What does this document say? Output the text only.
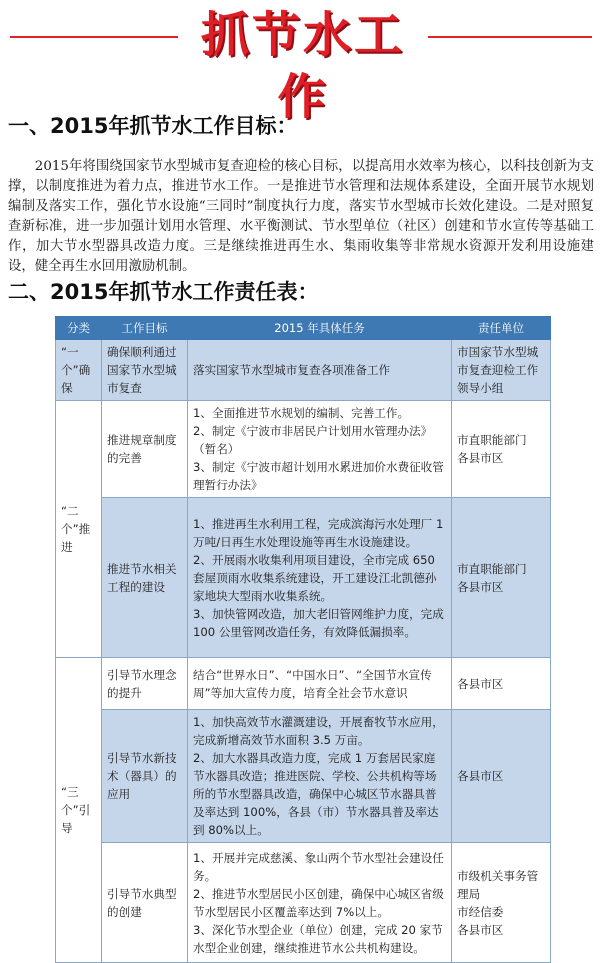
抓节水工作
一、2015年抓节水工作目标：

2015年将围绕国家节水型城市复查迎检的核心目标，以提高用水效率为核心，以科技创新为支撑，以制度推进为着力点，推进节水工作。一是推进节水管理和法规体系建设，全面开展节水规划编制及落实工作，强化节水设施“三同时”制度执行力度，落实节水型城市长效化建设。二是对照复查新标准，进一步加强计划用水管理、水平衡测试、节水型单位（社区）创建和节水宣传等基础工作，加大节水型器具改造力度。三是继续推进再生水、集雨收集等非常规水资源开发利用设施建设，健全再生水回用激励机制。

二、2015年抓节水工作责任表：
分类	工作目标	2015 年具体任务	责任单位
“一个”确保	确保顺利通过国家节水型城市复查	落实国家节水型城市复查各项准备工作	市国家节水型城市复查迎检工作领导小组

“二个”推进	推进规章制度的完善	1、全面推进节水规划的编制、完善工作。
2、制定《宁波市非居民户计划用水管理办法》（暂名）
3、制定《宁波市超计划用水累进加价水费征收管理暂行办法》	市直职能部门
各县市区

	推进节水相关工程的建设	1、推进再生水利用工程，完成滨海污水处理厂 1 万吨/日再生水处理设施等再生水设施建设。
2、开展雨水收集利用项目建设，全市完成 650 套屋顶雨水收集系统建设，开工建设江北凯德孙家地块大型雨水收集系统。
3、加快管网改造，加大老旧管网维护力度，完成 100 公里管网改造任务，有效降低漏损率。	市直职能部门
各县市区

“三个”引导	引导节水理念的提升	结合“世界水日”、“中国水日”、“全国节水宣传周”等加大宣传力度，培育全社会节水意识	各县市区

	引导节水新技术（器具）的应用	1、加快高效节水灌溉建设，开展畜牧节水应用，完成新增高效节水面积 3.5 万亩。
2、加大水器具改造力度，完成 1 万套居民家庭节水器具改造；推进医院、学校、公共机构等场所的节水型器具改造，确保中心城区节水器具普及率达到 100%，各县（市）节水器具普及率达到 80%以上。	各县市区

	引导节水典型的创建	1、开展并完成慈溪、象山两个节水型社会建设任务。
2、推进节水型居民小区创建，确保中心城区省级节水型居民小区覆盖率达到 7%以上。
3、深化节水型企业（单位）创建，完成 20 家节水型企业创建，继续推进节水公共机构建设。	市级机关事务管理局
市经信委
各县市区
